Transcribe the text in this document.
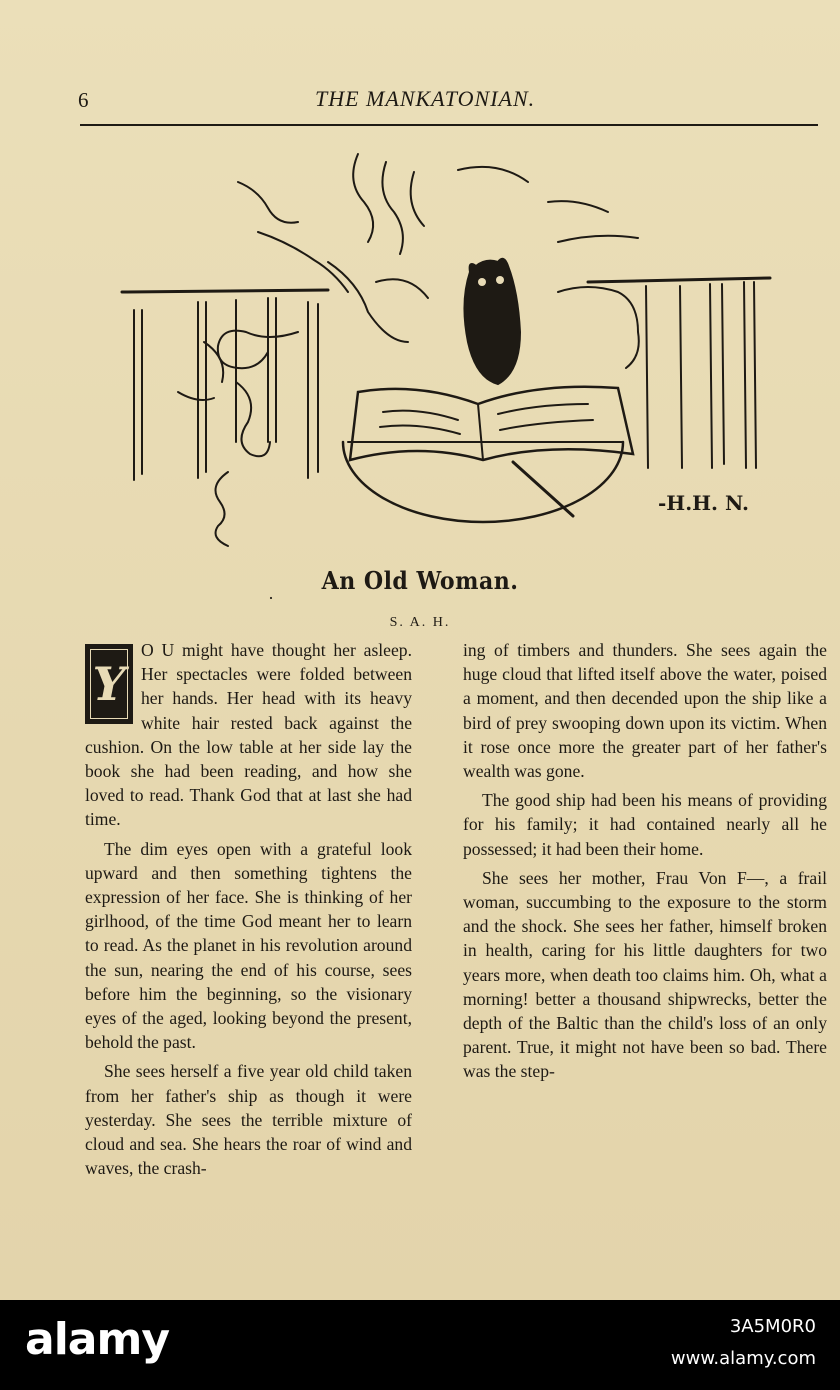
6	THE MANKATONIAN.
-H.H. N.
·
An Old Woman.
S. A. H.

Y
O U might have thought her asleep. Her spectacles were folded between her hands. Her head with its heavy white hair rested back against the cushion. On the low table at her side lay the book she had been reading, and how she loved to read. Thank God that at last she had time.

The dim eyes open with a grateful look upward and then something tightens the expression of her face. She is thinking of her girlhood, of the time God meant her to learn to read. As the planet in his revolution around the sun, nearing the end of his course, sees before him the beginning, so the visionary eyes of the aged, looking beyond the present, behold the past.

She sees herself a five year old child taken from her father's ship as though it were yesterday. She sees the terrible mixture of cloud and sea. She hears the roar of wind and waves, the crash-

ing of timbers and thunders. She sees again the huge cloud that lifted itself above the water, poised a moment, and then decended upon the ship like a bird of prey swooping down upon its victim. When it rose once more the greater part of her father's wealth was gone.

The good ship had been his means of providing for his family; it had contained nearly all he possessed; it had been their home.

She sees her mother, Frau Von F—, a frail woman, succumbing to the exposure to the storm and the shock. She sees her father, himself broken in health, caring for his little daughters for two years more, when death too claims him. Oh, what a morning! better a thousand shipwrecks, better the depth of the Baltic than the child's loss of an only parent. True, it might not have been so bad. There was the step-

alamy	3A5M0R0
www.alamy.com
